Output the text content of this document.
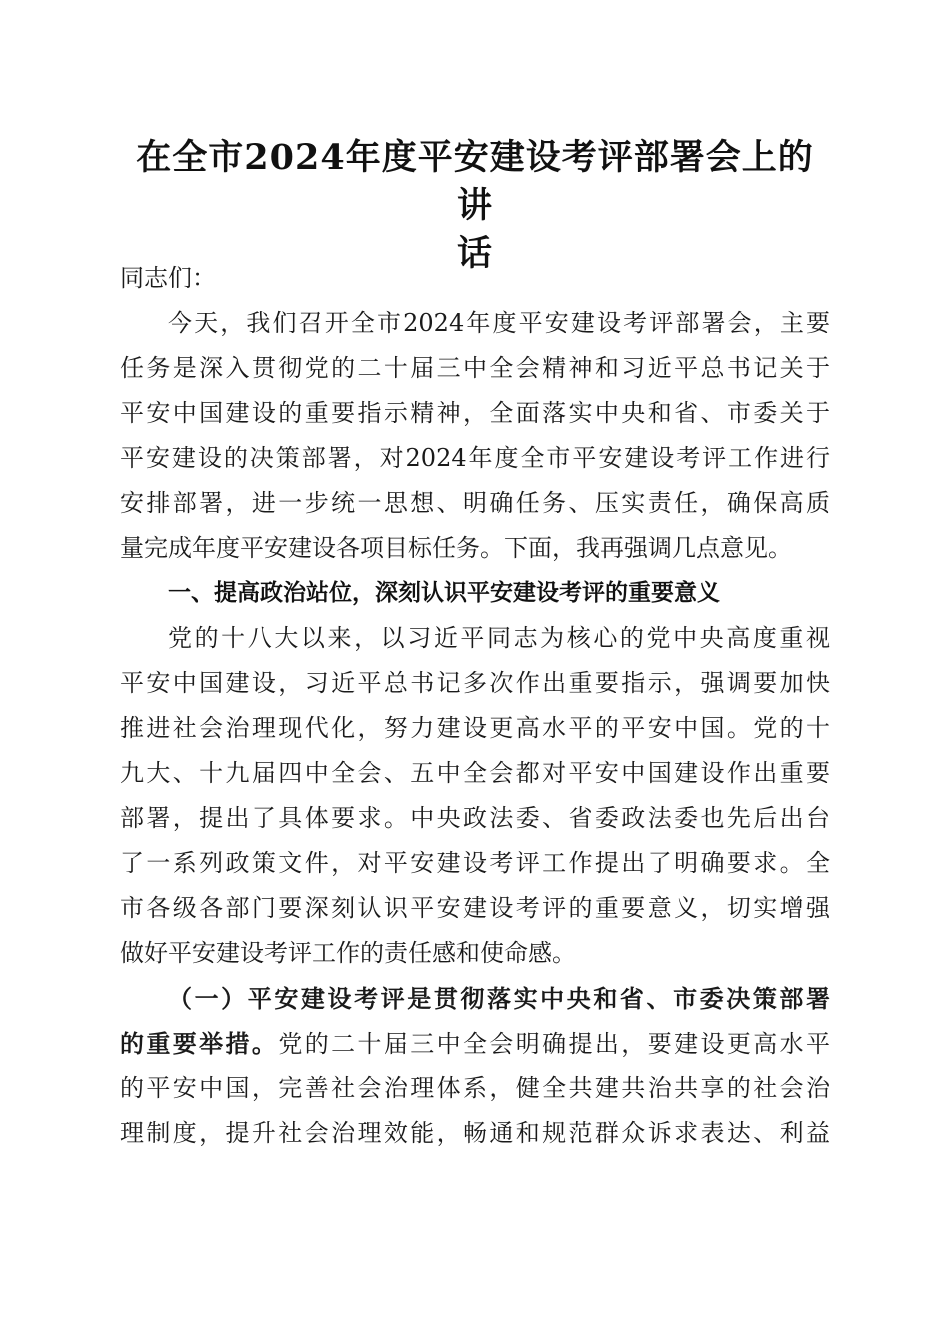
在全市2024年度平安建设考评部署会上的讲
话
同志们：
今天，我们召开全市2024年度平安建设考评部署会，主要
任务是深入贯彻党的二十届三中全会精神和习近平总书记关于
平安中国建设的重要指示精神，全面落实中央和省、市委关于
平安建设的决策部署，对2024年度全市平安建设考评工作进行
安排部署，进一步统一思想、明确任务、压实责任，确保高质
量完成年度平安建设各项目标任务。下面，我再强调几点意见。
一、提高政治站位，深刻认识平安建设考评的重要意义
党的十八大以来，以习近平同志为核心的党中央高度重视
平安中国建设，习近平总书记多次作出重要指示，强调要加快
推进社会治理现代化，努力建设更高水平的平安中国。党的十
九大、十九届四中全会、五中全会都对平安中国建设作出重要
部署，提出了具体要求。中央政法委、省委政法委也先后出台
了一系列政策文件，对平安建设考评工作提出了明确要求。全
市各级各部门要深刻认识平安建设考评的重要意义，切实增强
做好平安建设考评工作的责任感和使命感。
（一）平安建设考评是贯彻落实中央和省、市委决策部署
的重要举措。党的二十届三中全会明确提出，要建设更高水平
的平安中国，完善社会治理体系，健全共建共治共享的社会治
理制度，提升社会治理效能，畅通和规范群众诉求表达、利益
